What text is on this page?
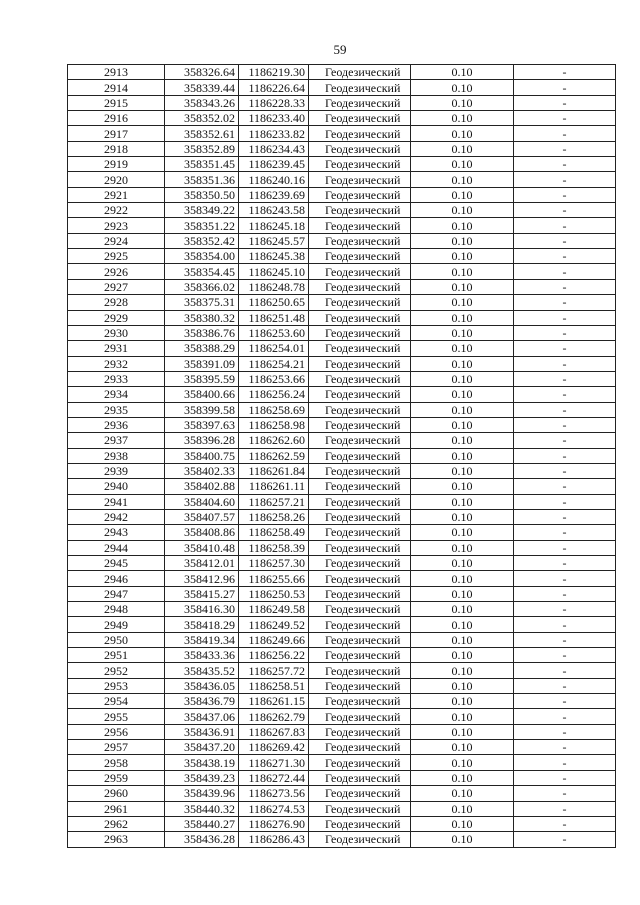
59
2913	358326.64	1186219.30	Геодезический	0.10	-
2914	358339.44	1186226.64	Геодезический	0.10	-
2915	358343.26	1186228.33	Геодезический	0.10	-
2916	358352.02	1186233.40	Геодезический	0.10	-
2917	358352.61	1186233.82	Геодезический	0.10	-
2918	358352.89	1186234.43	Геодезический	0.10	-
2919	358351.45	1186239.45	Геодезический	0.10	-
2920	358351.36	1186240.16	Геодезический	0.10	-
2921	358350.50	1186239.69	Геодезический	0.10	-
2922	358349.22	1186243.58	Геодезический	0.10	-
2923	358351.22	1186245.18	Геодезический	0.10	-
2924	358352.42	1186245.57	Геодезический	0.10	-
2925	358354.00	1186245.38	Геодезический	0.10	-
2926	358354.45	1186245.10	Геодезический	0.10	-
2927	358366.02	1186248.78	Геодезический	0.10	-
2928	358375.31	1186250.65	Геодезический	0.10	-
2929	358380.32	1186251.48	Геодезический	0.10	-
2930	358386.76	1186253.60	Геодезический	0.10	-
2931	358388.29	1186254.01	Геодезический	0.10	-
2932	358391.09	1186254.21	Геодезический	0.10	-
2933	358395.59	1186253.66	Геодезический	0.10	-
2934	358400.66	1186256.24	Геодезический	0.10	-
2935	358399.58	1186258.69	Геодезический	0.10	-
2936	358397.63	1186258.98	Геодезический	0.10	-
2937	358396.28	1186262.60	Геодезический	0.10	-
2938	358400.75	1186262.59	Геодезический	0.10	-
2939	358402.33	1186261.84	Геодезический	0.10	-
2940	358402.88	1186261.11	Геодезический	0.10	-
2941	358404.60	1186257.21	Геодезический	0.10	-
2942	358407.57	1186258.26	Геодезический	0.10	-
2943	358408.86	1186258.49	Геодезический	0.10	-
2944	358410.48	1186258.39	Геодезический	0.10	-
2945	358412.01	1186257.30	Геодезический	0.10	-
2946	358412.96	1186255.66	Геодезический	0.10	-
2947	358415.27	1186250.53	Геодезический	0.10	-
2948	358416.30	1186249.58	Геодезический	0.10	-
2949	358418.29	1186249.52	Геодезический	0.10	-
2950	358419.34	1186249.66	Геодезический	0.10	-
2951	358433.36	1186256.22	Геодезический	0.10	-
2952	358435.52	1186257.72	Геодезический	0.10	-
2953	358436.05	1186258.51	Геодезический	0.10	-
2954	358436.79	1186261.15	Геодезический	0.10	-
2955	358437.06	1186262.79	Геодезический	0.10	-
2956	358436.91	1186267.83	Геодезический	0.10	-
2957	358437.20	1186269.42	Геодезический	0.10	-
2958	358438.19	1186271.30	Геодезический	0.10	-
2959	358439.23	1186272.44	Геодезический	0.10	-
2960	358439.96	1186273.56	Геодезический	0.10	-
2961	358440.32	1186274.53	Геодезический	0.10	-
2962	358440.27	1186276.90	Геодезический	0.10	-
2963	358436.28	1186286.43	Геодезический	0.10	-
